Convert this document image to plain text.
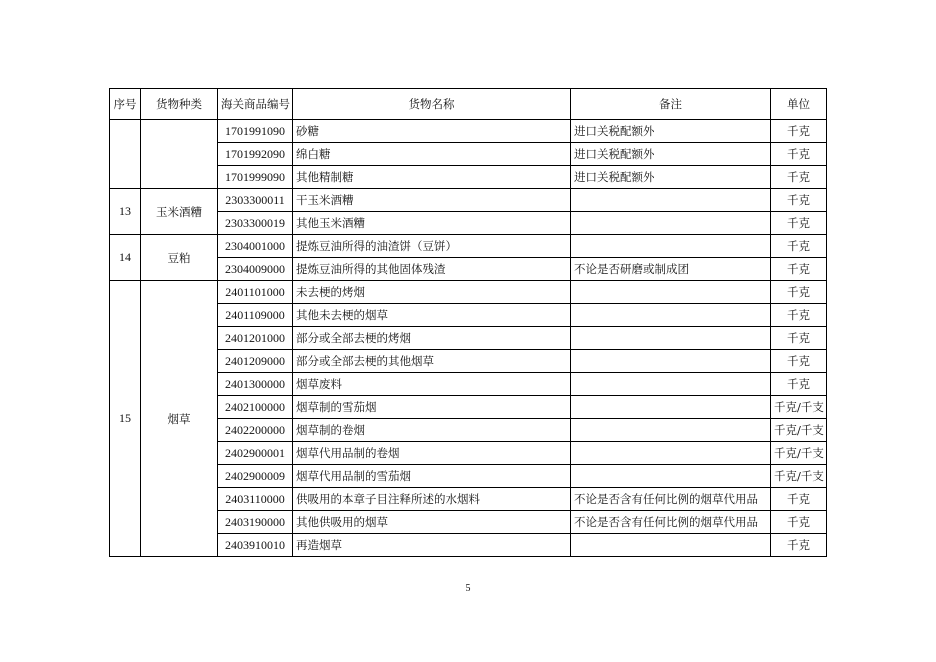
序号	货物种类	海关商品编号	货物名称	备注	单位
		1701991090	砂糖	进口关税配额外	千克
		1701992090	绵白糖	进口关税配额外	千克
		1701999090	其他精制糖	进口关税配额外	千克
13	玉米酒糟	2303300011	干玉米酒糟		千克
		2303300019	其他玉米酒糟		千克
14	豆粕	2304001000	提炼豆油所得的油渣饼（豆饼）		千克
		2304009000	提炼豆油所得的其他固体残渣	不论是否研磨或制成团	千克
15	烟草	2401101000	未去梗的烤烟		千克
		2401109000	其他未去梗的烟草		千克
		2401201000	部分或全部去梗的烤烟		千克
		2401209000	部分或全部去梗的其他烟草		千克
		2401300000	烟草废料		千克
		2402100000	烟草制的雪茄烟		千克/千支
		2402200000	烟草制的卷烟		千克/千支
		2402900001	烟草代用品制的卷烟		千克/千支
		2402900009	烟草代用品制的雪茄烟		千克/千支
		2403110000	供吸用的本章子目注释所述的水烟料	不论是否含有任何比例的烟草代用品	千克
		2403190000	其他供吸用的烟草	不论是否含有任何比例的烟草代用品	千克
		2403910010	再造烟草		千克
5
